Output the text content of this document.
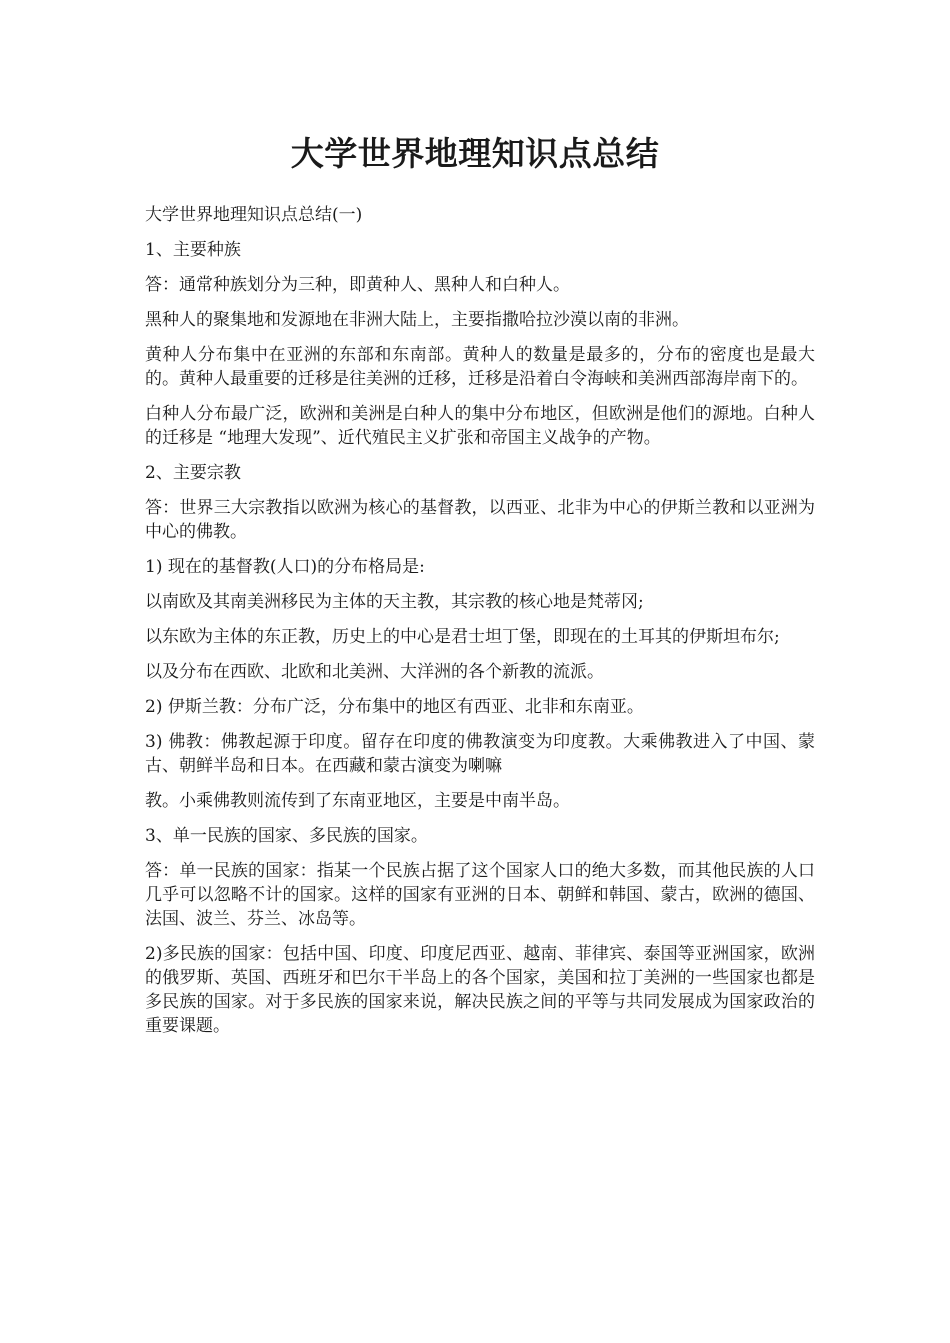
大学世界地理知识点总结

大学世界地理知识点总结(一)

1、主要种族

答：通常种族划分为三种，即黄种人、黑种人和白种人。

黑种人的聚集地和发源地在非洲大陆上，主要指撒哈拉沙漠以南的非洲。

黄种人分布集中在亚洲的东部和东南部。黄种人的数量是最多的，分布的密度也是最大的。黄种人最重要的迁移是往美洲的迁移，迁移是沿着白令海峡和美洲西部海岸南下的。

白种人分布最广泛，欧洲和美洲是白种人的集中分布地区，但欧洲是他们的源地。白种人的迁移是 “地理大发现”、近代殖民主义扩张和帝国主义战争的产物。

2、主要宗教

答：世界三大宗教指以欧洲为核心的基督教，以西亚、北非为中心的伊斯兰教和以亚洲为中心的佛教。

1) 现在的基督教(人口)的分布格局是:

以南欧及其南美洲移民为主体的天主教，其宗教的核心地是梵蒂冈;

以东欧为主体的东正教，历史上的中心是君士坦丁堡，即现在的土耳其的伊斯坦布尔;

以及分布在西欧、北欧和北美洲、大洋洲的各个新教的流派。

2) 伊斯兰教：分布广泛，分布集中的地区有西亚、北非和东南亚。

3) 佛教：佛教起源于印度。留存在印度的佛教演变为印度教。大乘佛教进入了中国、蒙古、朝鲜半岛和日本。在西藏和蒙古演变为喇嘛

教。小乘佛教则流传到了东南亚地区，主要是中南半岛。

3、单一民族的国家、多民族的国家。

答：单一民族的国家：指某一个民族占据了这个国家人口的绝大多数，而其他民族的人口几乎可以忽略不计的国家。这样的国家有亚洲的日本、朝鲜和韩国、蒙古，欧洲的德国、法国、波兰、芬兰、冰岛等。

2)多民族的国家：包括中国、印度、印度尼西亚、越南、菲律宾、泰国等亚洲国家，欧洲的俄罗斯、英国、西班牙和巴尔干半岛上的各个国家，美国和拉丁美洲的一些国家也都是多民族的国家。对于多民族的国家来说，解决民族之间的平等与共同发展成为国家政治的重要课题。
